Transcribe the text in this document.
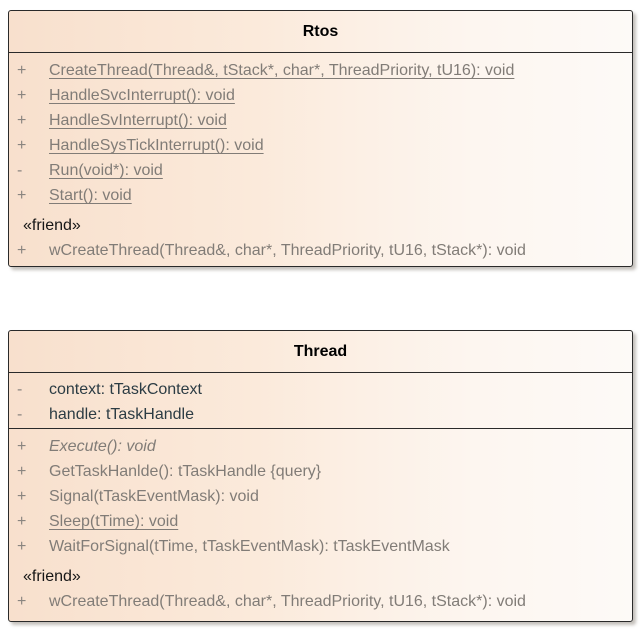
Rtos
+	CreateThread(Thread&, tStack*, char*, ThreadPriority, tU16): void
+	HandleSvcInterrupt(): void
+	HandleSvInterrupt(): void
+	HandleSysTickInterrupt(): void
-	Run(void*): void
+	Start(): void
«friend»
+	wCreateThread(Thread&, char*, ThreadPriority, tU16, tStack*): void
Thread
-	context: tTaskContext
-	handle: tTaskHandle
+	Execute(): void
+	GetTaskHanlde(): tTaskHandle {query}
+	Signal(tTaskEventMask): void
+	Sleep(tTime): void
+	WaitForSignal(tTime, tTaskEventMask): tTaskEventMask
«friend»
+	wCreateThread(Thread&, char*, ThreadPriority, tU16, tStack*): void
